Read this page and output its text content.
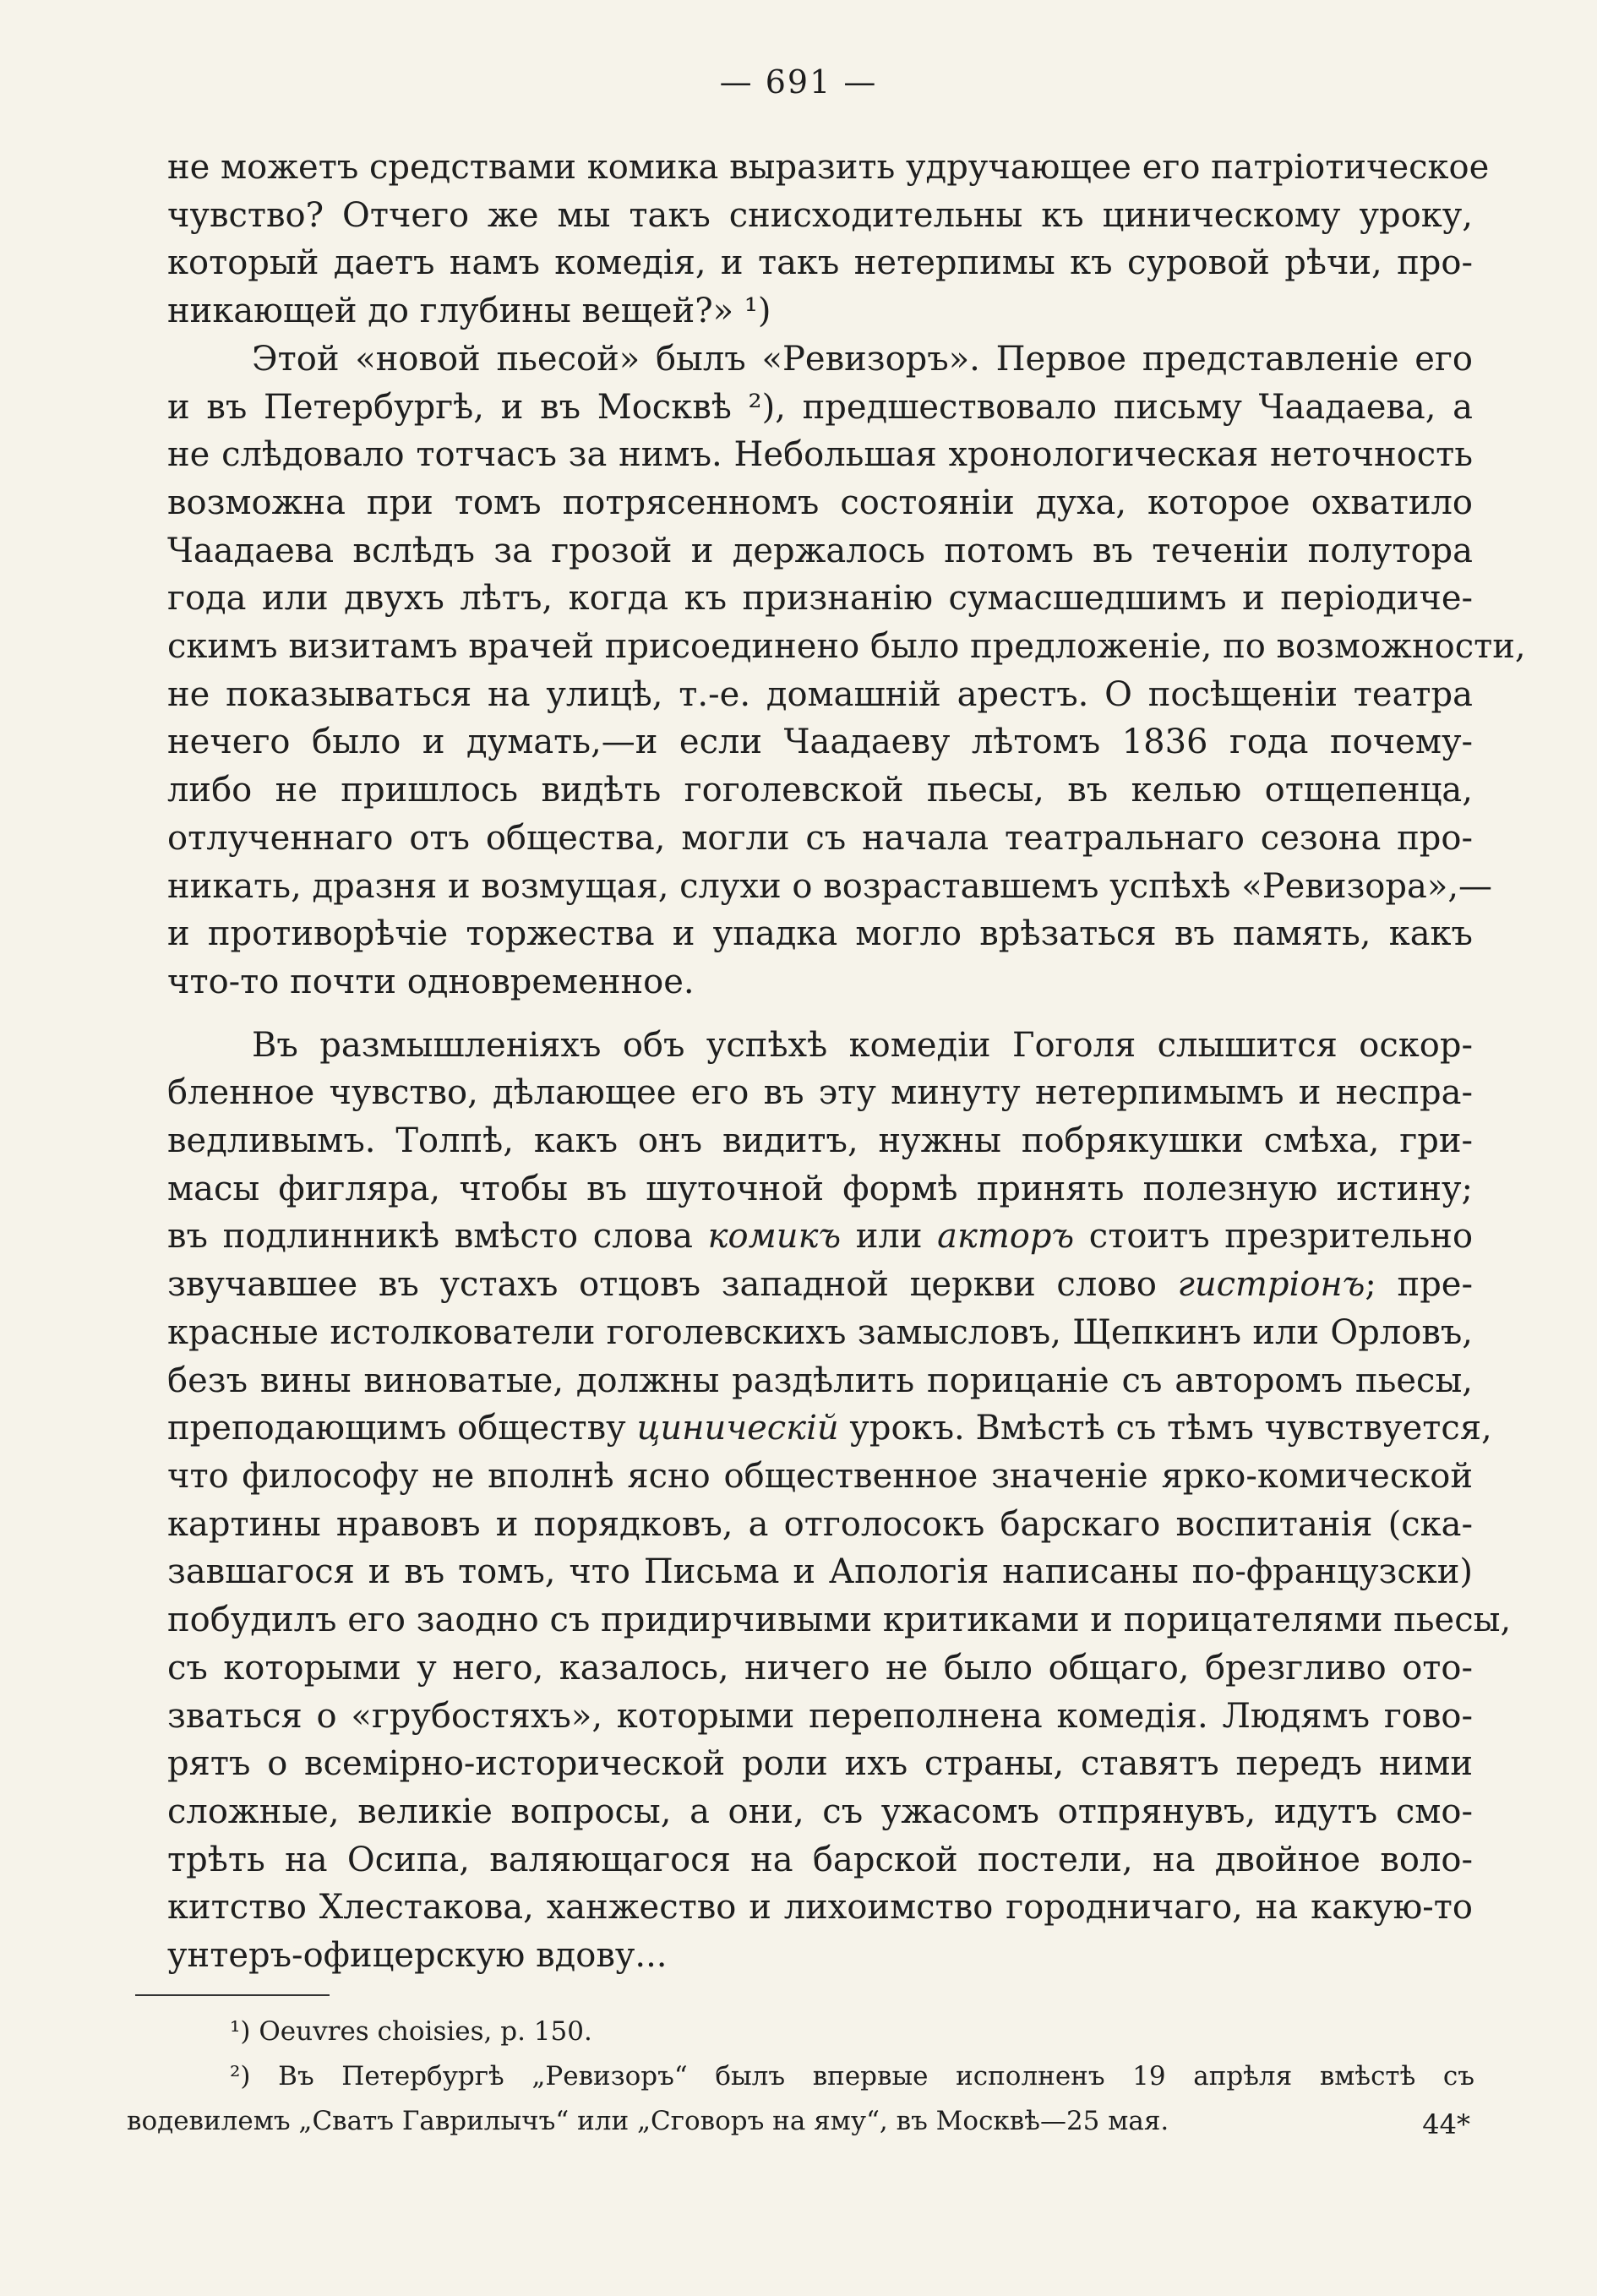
— 691 —
не можетъ средствами комика выразить удручающее его патріотическое
чувство? Отчего же мы такъ снисходительны къ циническому уроку,
который даетъ намъ комедія, и такъ нетерпимы къ суровой рѣчи, про-
никающей до глубины вещей?» ¹)
Этой «новой пьесой» былъ «Ревизоръ». Первое представленіе его
и въ Петербургѣ, и въ Москвѣ ²), предшествовало письму Чаадаева, а
не слѣдовало тотчасъ за нимъ. Небольшая хронологическая неточность
возможна при томъ потрясенномъ состояніи духа, которое охватило
Чаадаева вслѣдъ за грозой и держалось потомъ въ теченіи полутора
года или двухъ лѣтъ, когда къ признанію сумасшедшимъ и періодиче-
скимъ визитамъ врачей присоединено было предложеніе, по возможности,
не показываться на улицѣ, т.-е. домашній арестъ. О посѣщеніи театра
нечего было и думать,—и если Чаадаеву лѣтомъ 1836 года почему-
либо не пришлось видѣть гоголевской пьесы, въ келью отщепенца,
отлученнаго отъ общества, могли съ начала театральнаго сезона про-
никать, дразня и возмущая, слухи о возраставшемъ успѣхѣ «Ревизора»,—
и противорѣчіе торжества и упадка могло врѣзаться въ память, какъ
что-то почти одновременное.
Въ размышленіяхъ объ успѣхѣ комедіи Гоголя слышится оскор-
бленное чувство, дѣлающее его въ эту минуту нетерпимымъ и неспра-
ведливымъ. Толпѣ, какъ онъ видитъ, нужны побрякушки смѣха, гри-
масы фигляра, чтобы въ шуточной формѣ принять полезную истину;
въ подлинникѣ вмѣсто слова комикъ или акторъ стоитъ презрительно
звучавшее въ устахъ отцовъ западной церкви слово гистріонъ; пре-
красные истолкователи гоголевскихъ замысловъ, Щепкинъ или Орловъ,
безъ вины виноватые, должны раздѣлить порицаніе съ авторомъ пьесы,
преподающимъ обществу циническій урокъ. Вмѣстѣ съ тѣмъ чувствуется,
что философу не вполнѣ ясно общественное значеніе ярко-комической
картины нравовъ и порядковъ, а отголосокъ барскаго воспитанія (ска-
завшагося и въ томъ, что Письма и Апологія написаны по-французски)
побудилъ его заодно съ придирчивыми критиками и порицателями пьесы,
съ которыми у него, казалось, ничего не было общаго, брезгливо ото-
зваться о «грубостяхъ», которыми переполнена комедія. Людямъ гово-
рятъ о всемірно-исторической роли ихъ страны, ставятъ передъ ними
сложные, великіе вопросы, а они, съ ужасомъ отпрянувъ, идутъ смо-
трѣть на Осипа, валяющагося на барской постели, на двойное воло-
китство Хлестакова, ханжество и лихоимство городничаго, на какую-то
унтеръ-офицерскую вдову...
¹) Oeuvres choisies, p. 150.
²) Въ Петербургѣ „Ревизоръ“ былъ впервые исполненъ 19 апрѣля вмѣстѣ съ
водевилемъ „Сватъ Гаврилычъ“ или „Сговоръ на яму“, въ Москвѣ—25 мая.	44*
